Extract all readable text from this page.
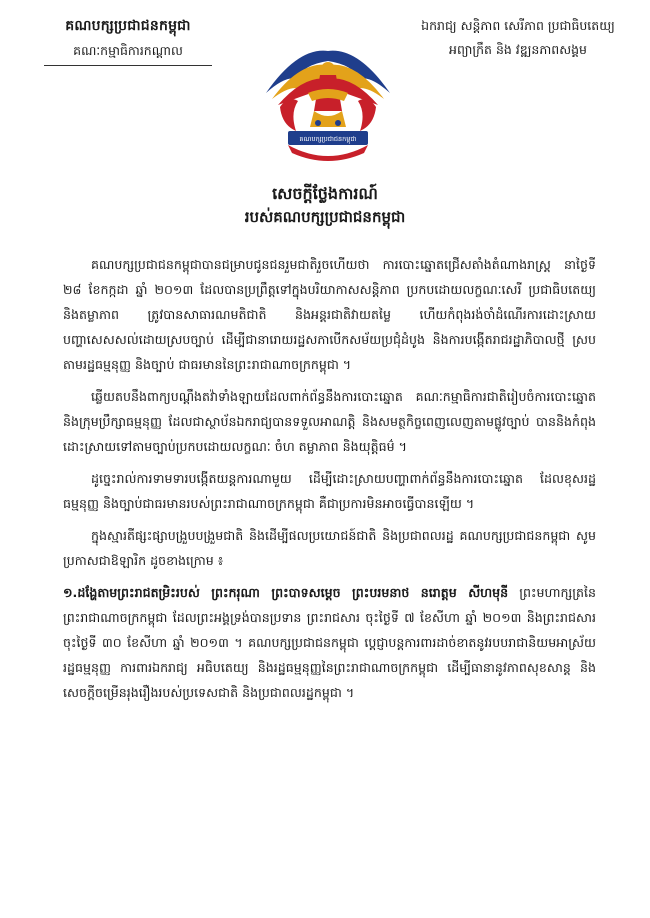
គណបក្សប្រជាជនកម្ពុជា
គណៈកម្មាធិការកណ្តាល
ឯករាជ្យ សន្តិភាព សេរីភាព ប្រជាធិបតេយ្យ
អព្យាក្រឹត និង វឌ្ឍនភាពសង្គម
គណបក្សប្រជាជនកម្ពុជា
សេចក្តីថ្លែងការណ៍
របស់គណបក្សប្រជាជនកម្ពុជា

គណបក្សប្រជាជនកម្ពុជាបានជម្រាបជូនជនរួមជាតិរួចហើយថា ការបោះឆ្នោតជ្រើសតាំងតំណាងរាស្ត្រ នាថ្ងៃទី ២៨ ខែកក្កដា ឆ្នាំ ២០១៣ ដែលបានប្រព្រឹត្តទៅក្នុងបរិយាកាសសន្តិភាព ប្រកបដោយលក្ខណៈសេរី ប្រជាធិបតេយ្យ និងតម្លាភាព ត្រូវបានសាធារណមតិជាតិ និងអន្តរជាតិវាយតម្លៃ ហើយកំពុងរង់ចាំដំណើរការដោះស្រាយបញ្ហាសេសសល់ដោយស្របច្បាប់ ដើម្បីជានារោយរដ្ឋសភាបើកសម័យប្រជុំដំបូង និងការបង្កើតរាជរដ្ឋាភិបាលថ្មី ស្របតាមរដ្ឋធម្មនុញ្ញ និងច្បាប់ ជាធរមាននៃព្រះរាជាណាចក្រកម្ពុជា ។

ឆ្លើយតបនឹងពាក្យបណ្តឹងតវ៉ាទាំងឡាយដែលពាក់ព័ន្ធនឹងការបោះឆ្នោត គណៈកម្មាធិការជាតិរៀបចំការបោះឆ្នោត និងក្រុមប្រឹក្សាធម្មនុញ្ញ ដែលជាស្ថាប័នឯករាជ្យបានទទួលអាណត្តិ និងសមត្ថកិច្ចពេញលេញតាមផ្លូវច្បាប់ បាននិងកំពុងដោះស្រាយទៅតាមច្បាប់ប្រកបដោយលក្ខណៈ ចំហ តម្លាភាព និងយុត្តិធម៌ ។

ដូច្នេះរាល់ការទាមទារបង្កើតយន្តការណាមួយ ដើម្បីដោះស្រាយបញ្ហាពាក់ព័ន្ធនឹងការបោះឆ្នោត ដែលខុសរដ្ឋធម្មនុញ្ញ និងច្បាប់ជាធរមានរបស់ព្រះរាជាណាចក្រកម្ពុជា គឺជាប្រការមិនអាចធ្វើបានឡើយ ។

ក្នុងស្មារតីផ្សះផ្សាបង្រួបបង្រួមជាតិ និងដើម្បីផលប្រយោជន៍ជាតិ និងប្រជាពលរដ្ឋ គណបក្សប្រជាជនកម្ពុជា សូមប្រកាសជាឱឡារិក ដូចខាងក្រោម ៖

១.ដង្ហែតាមព្រះរាជតម្រិះរបស់ ព្រះករុណា ព្រះបាទសម្តេច ព្រះបរមនាថ នរោត្តម សីហមុនី ព្រះមហាក្សត្រនៃព្រះរាជាណាចក្រកម្ពុជា ដែលព្រះអង្គទ្រង់បានប្រទាន ព្រះរាជសារ ចុះថ្ងៃទី ៧ ខែសីហា ឆ្នាំ ២០១៣ និងព្រះរាជសារ ចុះថ្ងៃទី ៣០ ខែសីហា ឆ្នាំ ២០១៣ ។ គណបក្សប្រជាជនកម្ពុជា ប្តេជ្ញាបន្តការពារដាច់ខាតនូវរបបរាជានិយមអាស្រ័យរដ្ឋធម្មនុញ្ញ ការពារឯករាជ្យ អធិបតេយ្យ និងរដ្ឋធម្មនុញ្ញនៃព្រះរាជាណាចក្រកម្ពុជា ដើម្បីធានានូវភាពសុខសាន្ត និងសេចក្តីចម្រើនរុងរឿងរបស់ប្រទេសជាតិ និងប្រជាពលរដ្ឋកម្ពុជា ។
